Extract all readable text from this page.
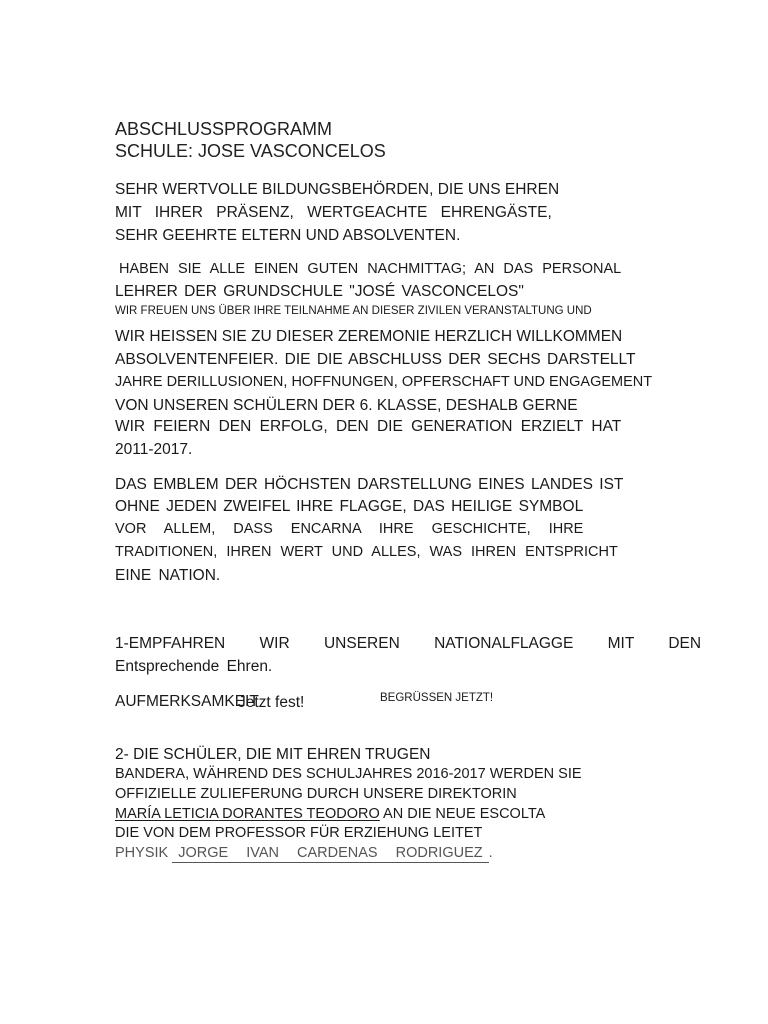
ABSCHLUSSPROGRAMM
SCHULE: JOSE VASCONCELOS
SEHR WERTVOLLE BILDUNGSBEHÖRDEN, DIE UNS EHREN
MIT IHRER PRÄSENZ, WERTGEACHTE EHRENGÄSTE,
SEHR GEEHRTE ELTERN UND ABSOLVENTEN.
HABEN SIE ALLE EINEN GUTEN NACHMITTAG; AN DAS PERSONAL
LEHRER DER GRUNDSCHULE "JOSÉ VASCONCELOS"
WIR FREUEN UNS ÜBER IHRE TEILNAHME AN DIESER ZIVILEN VERANSTALTUNG UND
WIR HEISSEN SIE ZU DIESER ZEREMONIE HERZLICH WILLKOMMEN
ABSOLVENTENFEIER. DIE DIE ABSCHLUSS DER SECHS DARSTELLT
JAHRE DERILLUSIONEN, HOFFNUNGEN, OPFERSCHAFT UND ENGAGEMENT
VON UNSEREN SCHÜLERN DER 6. KLASSE, DESHALB GERNE
WIR FEIERN DEN ERFOLG, DEN DIE GENERATION ERZIELT HAT
2011-2017.
DAS EMBLEM DER HÖCHSTEN DARSTELLUNG EINES LANDES IST
OHNE JEDEN ZWEIFEL IHRE FLAGGE, DAS HEILIGE SYMBOL
VOR ALLEM, DASS ENCARNA IHRE GESCHICHTE, IHRE
TRADITIONEN, IHREN WERT UND ALLES, WAS IHREN ENTSPRICHT
EINE NATION.
1-EMPFAHREN WIR UNSEREN NATIONALFLAGGE MIT DEN
Entsprechende Ehren.
AUFMERKSAMKEIT
Jetzt fest!	BEGRÜSSEN JETZT!
2- DIE SCHÜLER, DIE MIT EHREN TRUGEN
BANDERA, WÄHREND DES SCHULJAHRES 2016-2017 WERDEN SIE
OFFIZIELLE ZULIEFERUNG DURCH UNSERE DIREKTORIN
MARÍA LETICIA DORANTES TEODORO AN DIE NEUE ESCOLTA
DIE VON DEM PROFESSOR FÜR ERZIEHUNG LEITET
PHYSIK JORGE IVAN CARDENAS RODRIGUEZ .
